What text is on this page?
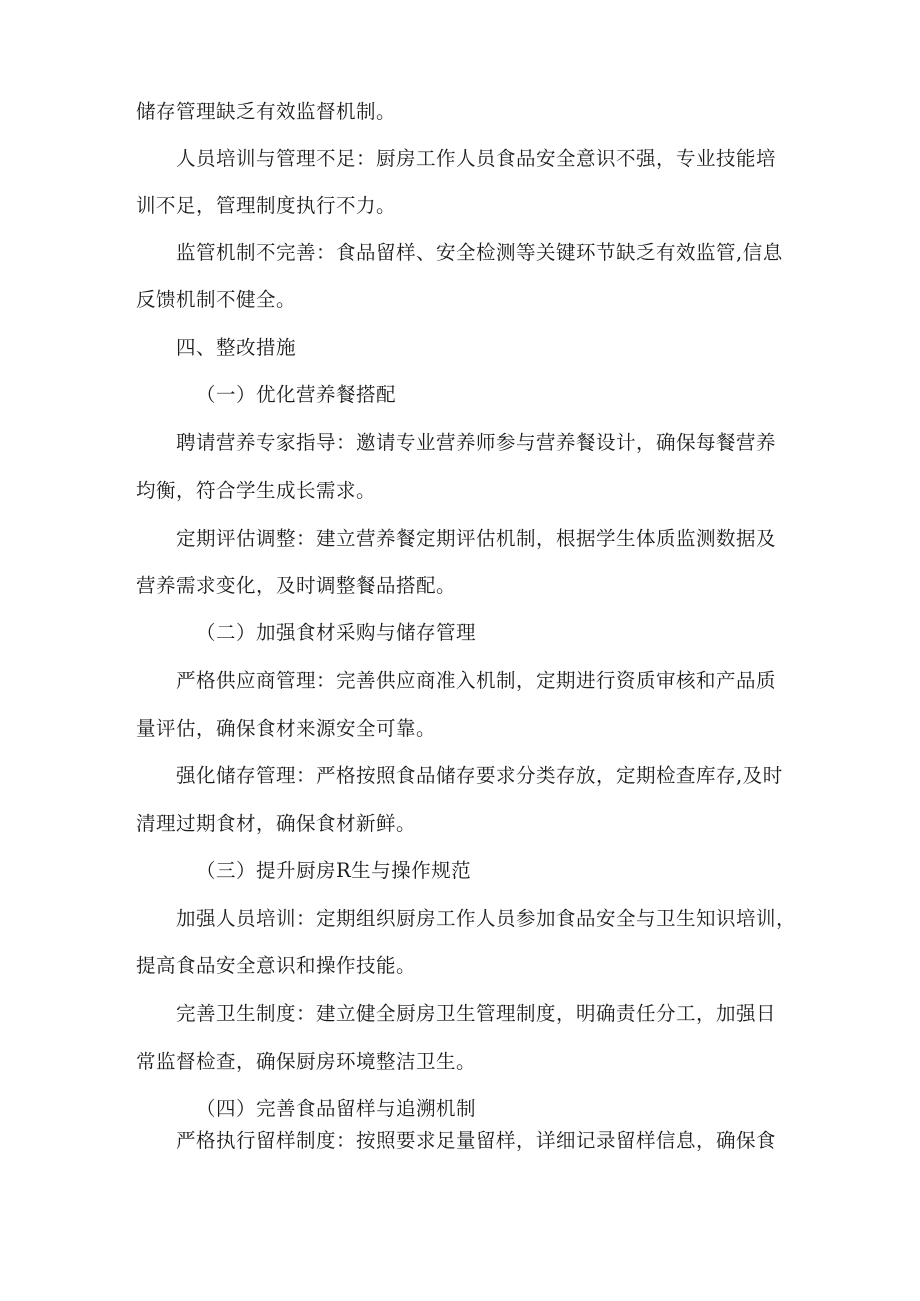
储存管理缺乏有效监督机制。
人员培训与管理不足：厨房工作人员食品安全意识不强，专业技能培
训不足，管理制度执行不力。
监管机制不完善：食品留样、安全检测等关键环节缺乏有效监管,信息
反馈机制不健全。
四、整改措施
（一）优化营养餐搭配
聘请营养专家指导：邀请专业营养师参与营养餐设计，确保每餐营养
均衡，符合学生成长需求。
定期评估调整：建立营养餐定期评估机制，根据学生体质监测数据及
营养需求变化，及时调整餐品搭配。
（二）加强食材采购与储存管理
严格供应商管理：完善供应商准入机制，定期进行资质审核和产品质
量评估，确保食材来源安全可靠。
强化储存管理：严格按照食品储存要求分类存放，定期检查库存,及时
清理过期食材，确保食材新鲜。
（三）提升厨房R生与操作规范
加强人员培训：定期组织厨房工作人员参加食品安全与卫生知识培训，
提高食品安全意识和操作技能。
完善卫生制度：建立健全厨房卫生管理制度，明确责任分工，加强日
常监督检查，确保厨房环境整洁卫生。
（四）完善食品留样与追溯机制
严格执行留样制度：按照要求足量留样，详细记录留样信息，确保食
